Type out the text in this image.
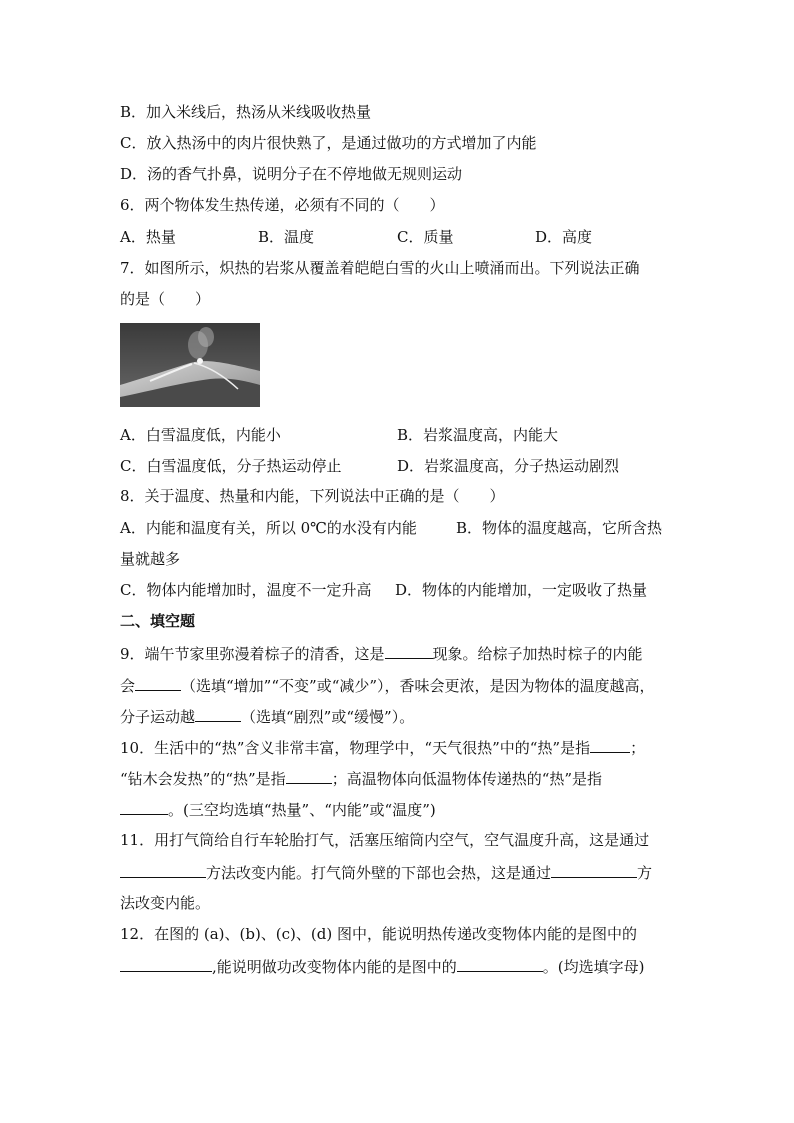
B．加入米线后，热汤从米线吸收热量
C．放入热汤中的肉片很快熟了，是通过做功的方式增加了内能
D．汤的香气扑鼻，说明分子在不停地做无规则运动
6．两个物体发生热传递，必须有不同的（　　）
A．热量	B．温度	C．质量	D．高度
7．如图所示，炽热的岩浆从覆盖着皑皑白雪的火山上喷涌而出。下列说法正确
的是（　　）
A．白雪温度低，内能小	B．岩浆温度高，内能大
C．白雪温度低，分子热运动停止	D．岩浆温度高，分子热运动剧烈
8．关于温度、热量和内能，下列说法中正确的是（　　）
A．内能和温度有关，所以 0℃的水没有内能	B．物体的温度越高，它所含热
量就越多
C．物体内能增加时，温度不一定升高 D．物体的内能增加，一定吸收了热量
二、填空题
9．端午节家里弥漫着棕子的清香，这是	现象。给棕子加热时棕子的内能
会	（选填“增加”“不变”或“减少”），香味会更浓，是因为物体的温度越高，
分子运动越	（选填“剧烈”或“缓慢”）。
10．生活中的“热”含义非常丰富，物理学中，“天气很热”中的“热”是指	；
“钻木会发热”的“热”是指	；高温物体向低温物体传递热的“热”是指
。(三空均选填“热量”、“内能”或“温度”)
11．用打气筒给自行车轮胎打气，活塞压缩筒内空气，空气温度升高，这是通过
方法改变内能。打气筒外壁的下部也会热，这是通过	方
法改变内能。
12．在图的 (a)、(b)、(c)、(d) 图中，能说明热传递改变物体内能的是图中的
,能说明做功改变物体内能的是图中的	。(均选填字母)
